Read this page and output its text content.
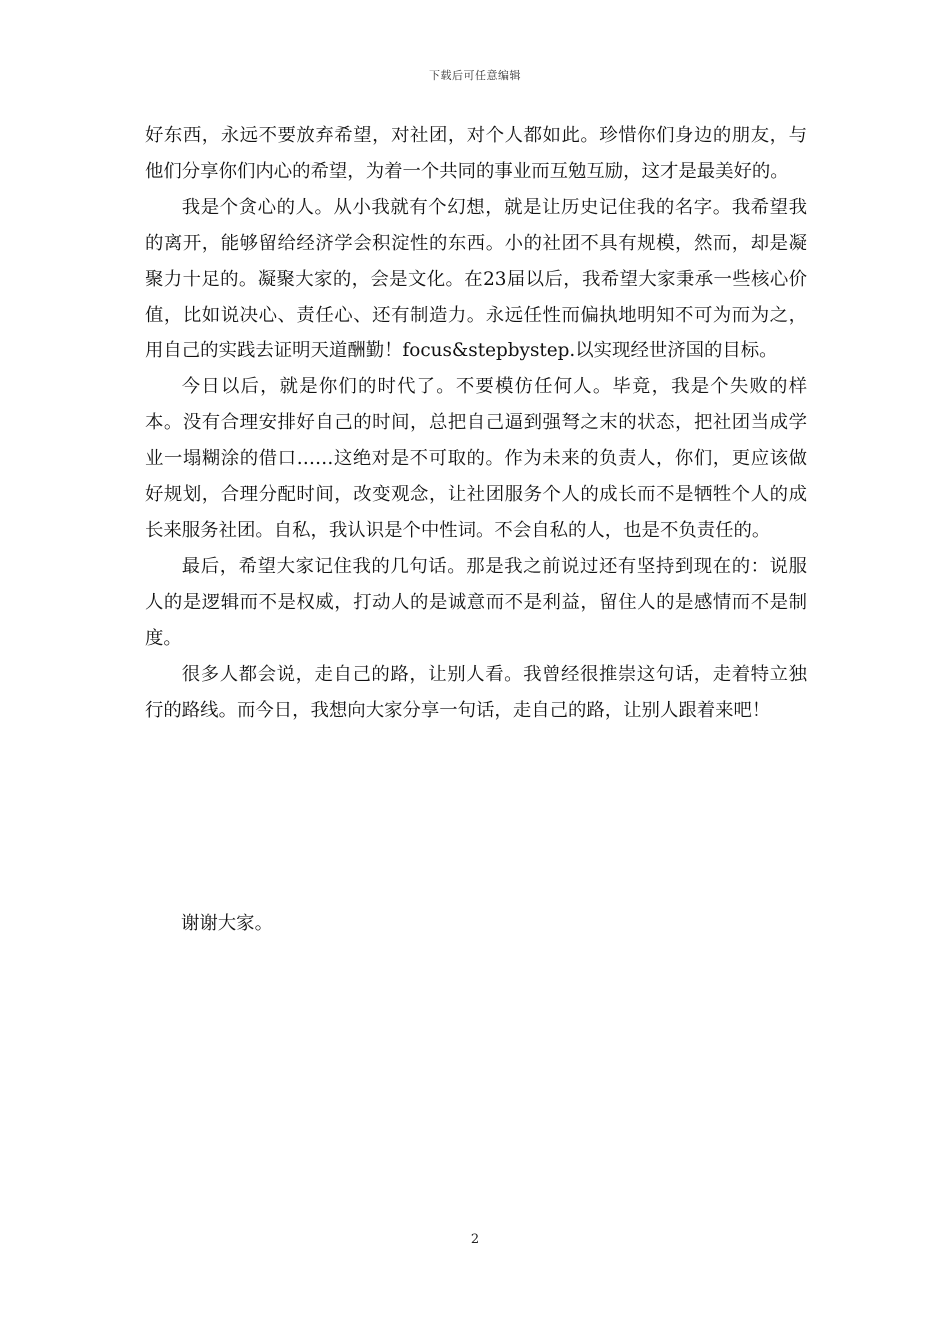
下载后可任意编辑

好东西，永远不要放弃希望，对社团，对个人都如此。珍惜你们身边的朋友，与他们分享你们内心的希望，为着一个共同的事业而互勉互励，这才是最美好的。

我是个贪心的人。从小我就有个幻想，就是让历史记住我的名字。我希望我的离开，能够留给经济学会积淀性的东西。小的社团不具有规模，然而，却是凝聚力十足的。凝聚大家的，会是文化。在23届以后，我希望大家秉承一些核心价值，比如说决心、责任心、还有制造力。永远任性而偏执地明知不可为而为之，用自己的实践去证明天道酬勤！focus&stepbystep.以实现经世济国的目标。

今日以后，就是你们的时代了。不要模仿任何人。毕竟，我是个失败的样本。没有合理安排好自己的时间，总把自己逼到强弩之末的状态，把社团当成学业一塌糊涂的借口……这绝对是不可取的。作为未来的负责人，你们，更应该做好规划，合理分配时间，改变观念，让社团服务个人的成长而不是牺牲个人的成长来服务社团。自私，我认识是个中性词。不会自私的人，也是不负责任的。

最后，希望大家记住我的几句话。那是我之前说过还有坚持到现在的：说服人的是逻辑而不是权威，打动人的是诚意而不是利益，留住人的是感情而不是制度。

很多人都会说，走自己的路，让别人看。我曾经很推崇这句话，走着特立独行的路线。而今日，我想向大家分享一句话，走自己的路，让别人跟着来吧！

谢谢大家。
2
